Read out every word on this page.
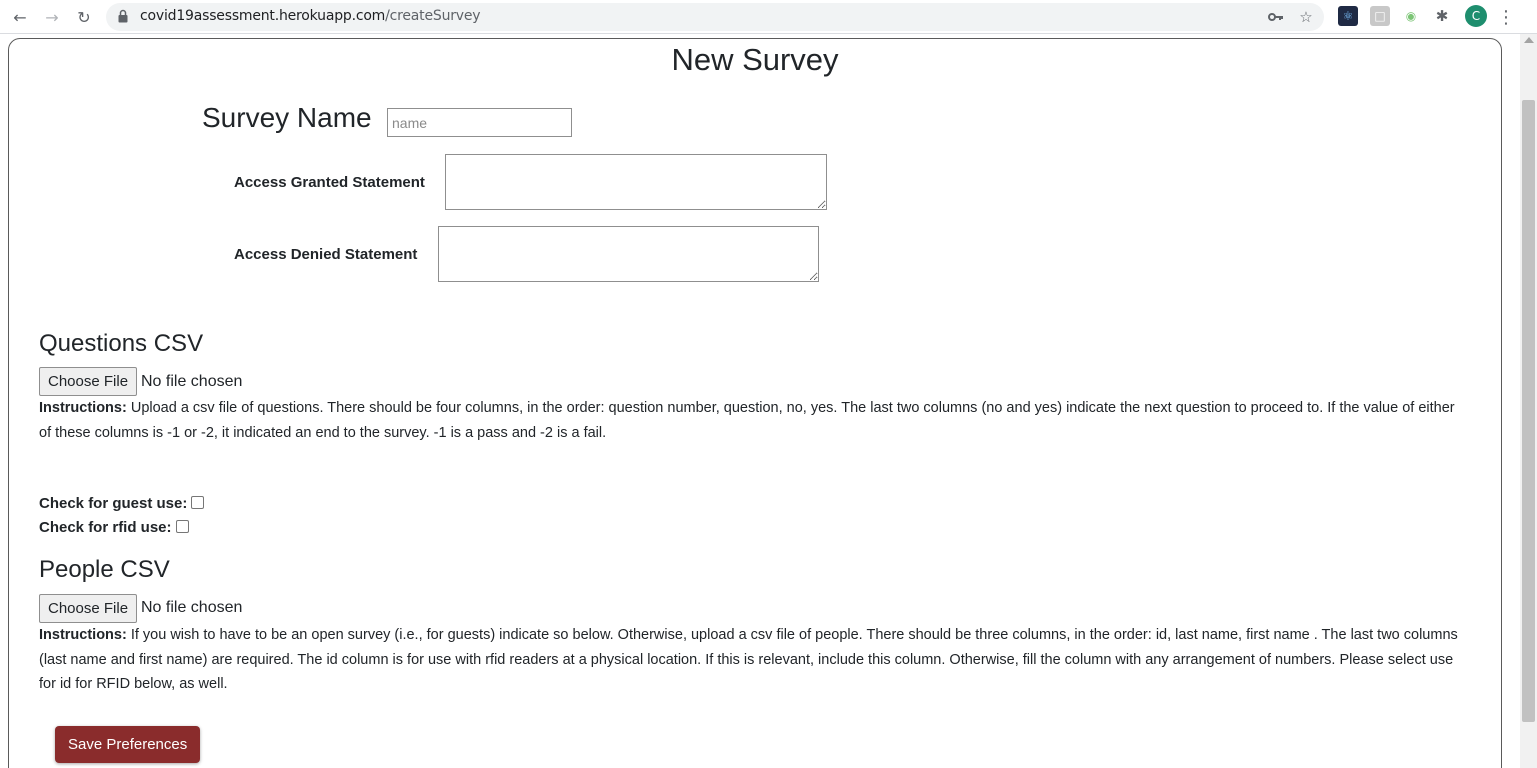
←	→	↻	covid19assessment.herokuapp.com/createSurvey	☆	⚛	□	◉	✱	C ⋮
New Survey
Survey Name
name
Access Granted Statement
Access Denied Statement
Questions CSV
Choose File No file chosen
Instructions: Upload a csv file of questions. There should be four columns, in the order: question number, question, no, yes. The last two columns (no and yes) indicate the next question to proceed to. If the value of either of these columns is -1 or -2, it indicated an end to the survey. -1 is a pass and -2 is a fail.
Check for guest use:
Check for rfid use:
People CSV
Choose File No file chosen
Instructions: If you wish to have to be an open survey (i.e., for guests) indicate so below. Otherwise, upload a csv file of people. There should be three columns, in the order: id, last name, first name . The last two columns (last name and first name) are required. The id column is for use with rfid readers at a physical location. If this is relevant, include this column. Otherwise, fill the column with any arrangement of numbers. Please select use for id for RFID below, as well.
Save Preferences
